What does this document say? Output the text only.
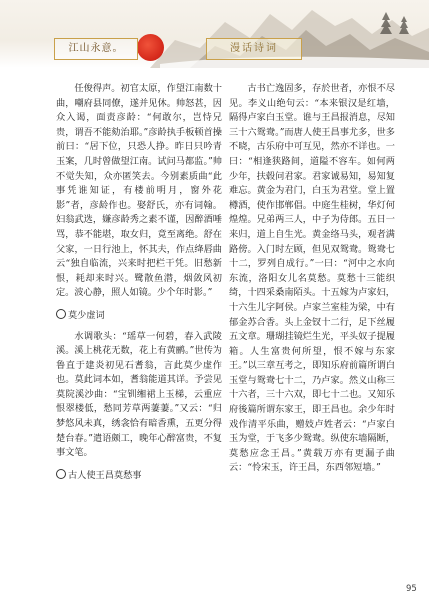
江山永意。	漫话诗词

任俊得声。初官太原，作望江南数十曲，嘲府县同僚，遂并见休。帅怒甚，因众入谒，面责彦龄：“何敢尔，岂恃兄贵，谓吾不能劾治耶。”彦龄执手板顿首操前曰：“居下位，只恐人挣。昨日只吟青玉案，几时曾做望江南。试问马都监。”帅不觉失知，众亦匿笑去。今别素质曲“此事凭谁知证，有楼前明月，窗外花影”者，彦龄作也。娶舒氏，亦有词翰。妇翁武选，嫌彦龄秀之素不谨，因醉酒唾骂，恭不能堪，取女归，竟至离绝。舒在父家，一日行池上，怀其夫，作点绛唇曲云“独自临流，兴来时把栏干凭。旧愁新恨，耗却来时兴。鹭散鱼潜，烟敛风初定。波心静，照人如镜。少个年时影。”

莫少虚词

水调歌头：“瑶草一何碧，春入武陵溪。溪上桃花无数，花上有黄鹂。”世传为鲁直于建炎初见石耆翁，言此莫少虚作也。莫此词本如，耆翁能道其详。予尝见莫院溪沙曲：“宝钏缃裙上玉梯，云重应恨翠楼低，愁同芳草两萋萋。”又云：“归梦悠风未真，绣衾恰有暗香熏，五更分得楚台春。”遣语颇工，晚年心醉富贵，不复事文笔。

古人使王昌莫愁事

古书亡逸固多，存於世者，亦恨不尽见。李义山绝句云：“本来银汉是红墙，隔得卢家白玉堂。谁与王昌报消息，尽知三十六鸳鸯。”而唐人使王昌事尤多，世多不晓，古乐府中可互见，然亦不详也。一曰：“相逢狭路间，道隘不容车。如何两少年，扶毂问君家。君家诚易知，易知复难忘。黄金为君门，白玉为君堂。堂上置樽酒，使作邯郸倡。中庭生桂树，华灯何煌煌。兄弟两三人，中子为侍郎。五日一来归，道上自生光。黄金络马头，观者满路傍。入门时左顾，但见双鸳鸯。鸳鸯七十二，罗列自成行。”一曰：“河中之水向东流，洛阳女儿名莫愁。莫愁十三能织绮，十四采桑南陌头。十五嫁为卢家妇，十六生儿字阿侯。卢家兰室桂为梁，中有郁金苏合香。头上金钗十二行，足下丝履五文章。珊瑚挂镜烂生光，平头奴子提履箱。人生富贵何所望，恨不嫁与东家王。”以三章互考之，即知乐府前篇所谓白玉堂与鸳鸯七十二，乃卢家。然义山称三十六者，三十六双，即七十二也。又知乐府後篇所谓东家王，即王昌也。余少年时戏作清平乐曲，赠妓卢姓者云：“卢家白玉为堂，于飞多少鸳鸯。纵使东墙隔断，莫愁应念王昌。”黄载万亦有更漏子曲云：“怜宋玉，许王昌，东西邻短墙。”

95
